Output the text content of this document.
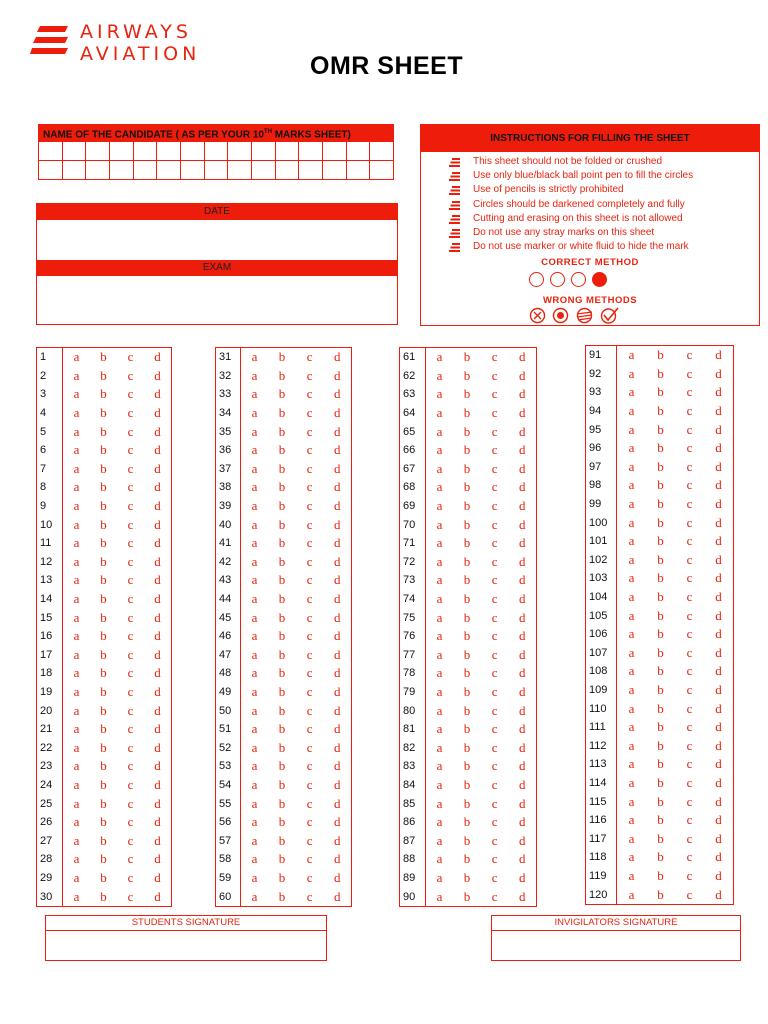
AIRWAYS
AVIATION	OMR SHEET
NAME OF THE CANDIDATE ( AS PER YOUR 10TH MARKS SHEET)
DATE
EXAM
INSTRUCTIONS FOR FILLING THE SHEET
This sheet should not be folded or crushed
Use only blue/black ball point pen to fill the circles
Use of pencils is strictly prohibited
Circles should be darkened completely and fully
Cutting and erasing on this sheet is not allowed
Do not use any stray marks on this sheet
Do not use marker or white fluid to hide the mark
CORRECT METHOD
WRONG METHODS
1	a	b	c	d
2	a	b	c	d
3	a	b	c	d
4	a	b	c	d
5	a	b	c	d
6	a	b	c	d
7	a	b	c	d
8	a	b	c	d
9	a	b	c	d
10	a	b	c	d
11	a	b	c	d
12	a	b	c	d
13	a	b	c	d
14	a	b	c	d
15	a	b	c	d
16	a	b	c	d
17	a	b	c	d
18	a	b	c	d
19	a	b	c	d
20	a	b	c	d
21	a	b	c	d
22	a	b	c	d
23	a	b	c	d
24	a	b	c	d
25	a	b	c	d
26	a	b	c	d
27	a	b	c	d
28	a	b	c	d
29	a	b	c	d
30	a	b	c	d
31	a	b	c	d
32	a	b	c	d
33	a	b	c	d
34	a	b	c	d
35	a	b	c	d
36	a	b	c	d
37	a	b	c	d
38	a	b	c	d
39	a	b	c	d
40	a	b	c	d
41	a	b	c	d
42	a	b	c	d
43	a	b	c	d
44	a	b	c	d
45	a	b	c	d
46	a	b	c	d
47	a	b	c	d
48	a	b	c	d
49	a	b	c	d
50	a	b	c	d
51	a	b	c	d
52	a	b	c	d
53	a	b	c	d
54	a	b	c	d
55	a	b	c	d
56	a	b	c	d
57	a	b	c	d
58	a	b	c	d
59	a	b	c	d
60	a	b	c	d
61	a	b	c	d
62	a	b	c	d
63	a	b	c	d
64	a	b	c	d
65	a	b	c	d
66	a	b	c	d
67	a	b	c	d
68	a	b	c	d
69	a	b	c	d
70	a	b	c	d
71	a	b	c	d
72	a	b	c	d
73	a	b	c	d
74	a	b	c	d
75	a	b	c	d
76	a	b	c	d
77	a	b	c	d
78	a	b	c	d
79	a	b	c	d
80	a	b	c	d
81	a	b	c	d
82	a	b	c	d
83	a	b	c	d
84	a	b	c	d
85	a	b	c	d
86	a	b	c	d
87	a	b	c	d
88	a	b	c	d
89	a	b	c	d
90	a	b	c	d
91	a	b	c	d
92	a	b	c	d
93	a	b	c	d
94	a	b	c	d
95	a	b	c	d
96	a	b	c	d
97	a	b	c	d
98	a	b	c	d
99	a	b	c	d
100	a	b	c	d
101	a	b	c	d
102	a	b	c	d
103	a	b	c	d
104	a	b	c	d
105	a	b	c	d
106	a	b	c	d
107	a	b	c	d
108	a	b	c	d
109	a	b	c	d
110	a	b	c	d
111	a	b	c	d
112	a	b	c	d
113	a	b	c	d
114	a	b	c	d
115	a	b	c	d
116	a	b	c	d
117	a	b	c	d
118	a	b	c	d
119	a	b	c	d
120	a	b	c	d
STUDENTS SIGNATURE	INVIGILATORS SIGNATURE
